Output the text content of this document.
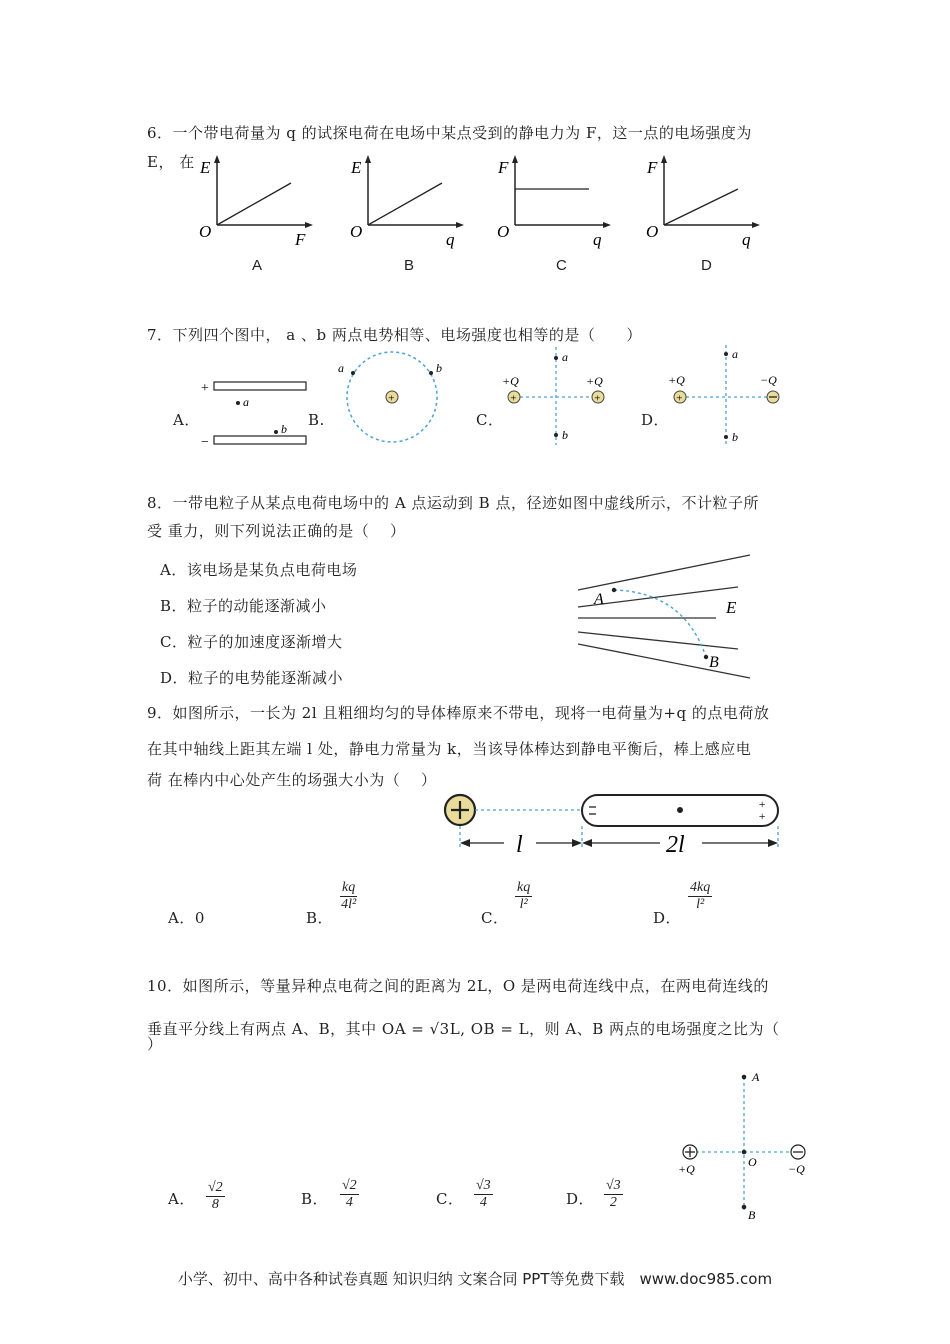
6．一个带电荷量为 q 的试探电荷在电场中某点受到的静电力为 F，这一点的电场强度为
E， 在 E
O	F
A
E
O	q
B
F
O	q
C
F
O	q
D
7．下列四个图中， a 、b 两点电势相等、电场强度也相等的是（　　）
A．
+
−
a
b B.
+
a	b
C．
+	+
+Q	+Q
a
b
D．
+
+Q	−Q
a
b
8．一带电粒子从某点电荷电场中的 A 点运动到 B 点，径迹如图中虚线所示，不计粒子所
受 重力，则下列说法正确的是（　 ）
A．该电场是某负点电荷电场
B．粒子的动能逐渐减小
C．粒子的加速度逐渐增大
D．粒子的电势能逐渐减小
A	E
B
9．如图所示，一长为 2l 且粗细均匀的导体棒原来不带电，现将一电荷量为+q 的点电荷放
在其中轴线上距其左端 l 处，静电力常量为 k，当该导体棒达到静电平衡后，棒上感应电
荷 在棒内中心处产生的场强大小为（　 ）
+
+
l	2l
A．0	B．
$\frac{kq}{\text{4l²}}$
C．
$\frac{kq}{\text{l²}}$
D．
$\frac{4kq}{\text{l²}}$
10．如图所示，等量异种点电荷之间的距离为 2L，O 是两电荷连线中点，在两电荷连线的
垂直平分线上有两点 A、B，其中 OA = √3L, OB = L，则 A、B 两点的电场强度之比为（
）
A
O
B
+Q	−Q
A． $\frac{√2}{8}$	B． $\frac{√2}{4}$	C． $\frac{√3}{4}$	D． $\frac{√3}{2}$
小学、初中、高中各种试卷真题 知识归纳 文案合同 PPT等免费下载　www.doc985.com
